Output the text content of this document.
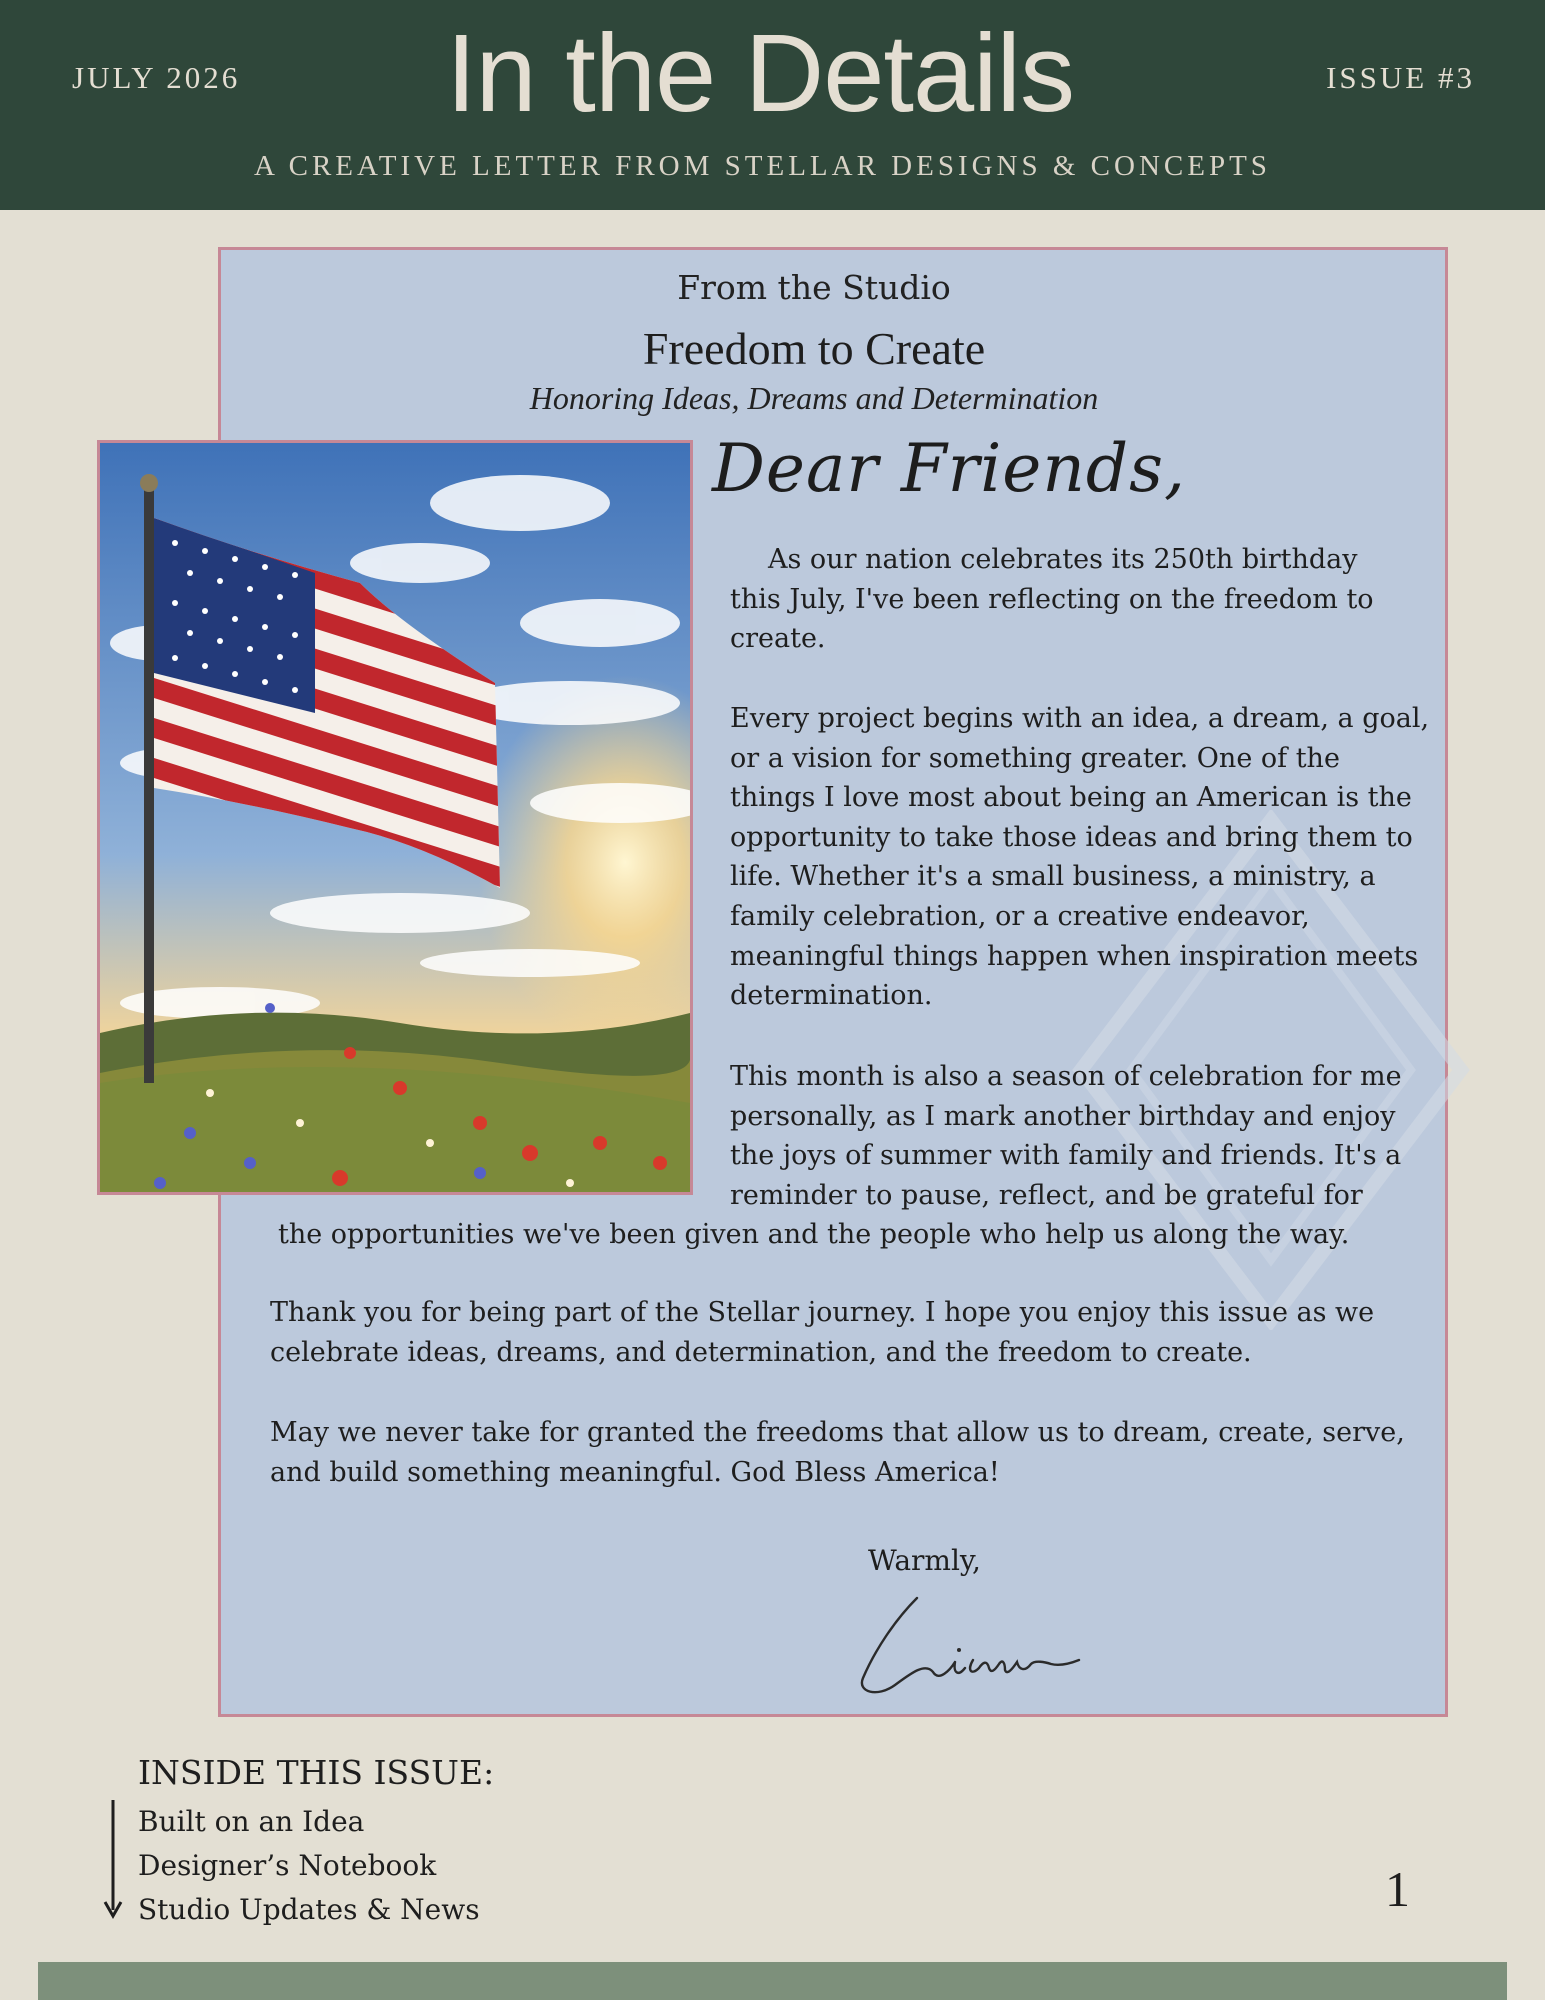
JULY 2026	In the Details	ISSUE #3
A CREATIVE LETTER FROM STELLAR DESIGNS & CONCEPTS
From the Studio
Freedom to Create
Honoring Ideas, Dreams and Determination
Dear Friends,

As our nation celebrates its 250th birthday this July, I've been reflecting on the freedom to create.

Every project begins with an idea, a dream, a goal, or a vision for something greater. One of the things I love most about being an American is the opportunity to take those ideas and bring them to life. Whether it's a small business, a ministry, a family celebration, or a creative endeavor, meaningful things happen when inspiration meets determination.

This month is also a season of celebration for me personally, as I mark another birthday and enjoy the joys of summer with family and friends. It's a reminder to pause, reflect, and be grateful for

the opportunities we've been given and the people who help us along the way.

Thank you for being part of the Stellar journey. I hope you enjoy this issue as we celebrate ideas, dreams, and determination, and the freedom to create.

May we never take for granted the freedoms that allow us to dream, create, serve, and build something meaningful. God Bless America!

Warmly,
INSIDE THIS ISSUE:
Built on an Idea
Designer’s Notebook
Studio Updates & News	1
